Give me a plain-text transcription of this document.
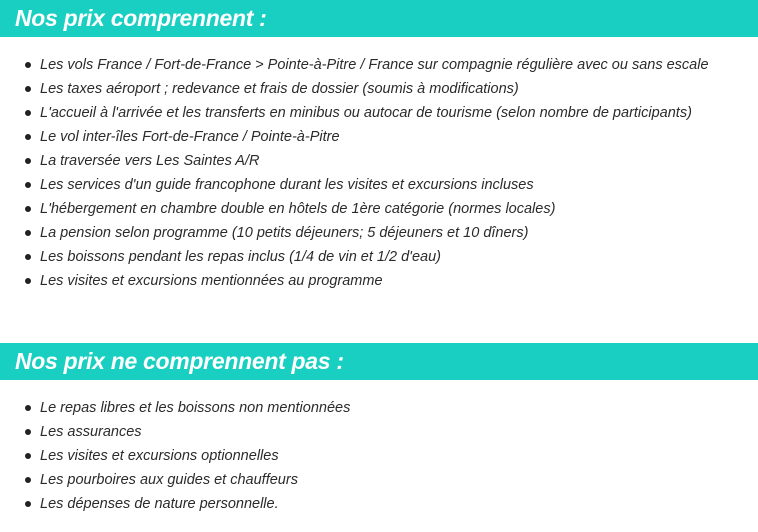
Nos prix comprennent :
Les vols France / Fort-de-France > Pointe-à-Pitre / France sur compagnie régulière avec ou sans escale
Les taxes aéroport ; redevance et frais de dossier (soumis à modifications)
L'accueil à l'arrivée et les transferts en minibus ou autocar de tourisme (selon nombre de participants)
Le vol inter-îles Fort-de-France / Pointe-à-Pitre
La traversée vers Les Saintes A/R
Les services d'un guide francophone durant les visites et excursions incluses
L'hébergement en chambre double en hôtels de 1ère catégorie (normes locales)
La pension selon programme (10 petits déjeuners; 5 déjeuners et 10 dîners)
Les boissons pendant les repas inclus (1/4 de vin et 1/2 d'eau)
Les visites et excursions mentionnées au programme
Nos prix ne comprennent pas :
Le repas libres et les boissons non mentionnées
Les assurances
Les visites et excursions optionnelles
Les pourboires aux guides et chauffeurs
Les dépenses de nature personnelle.
